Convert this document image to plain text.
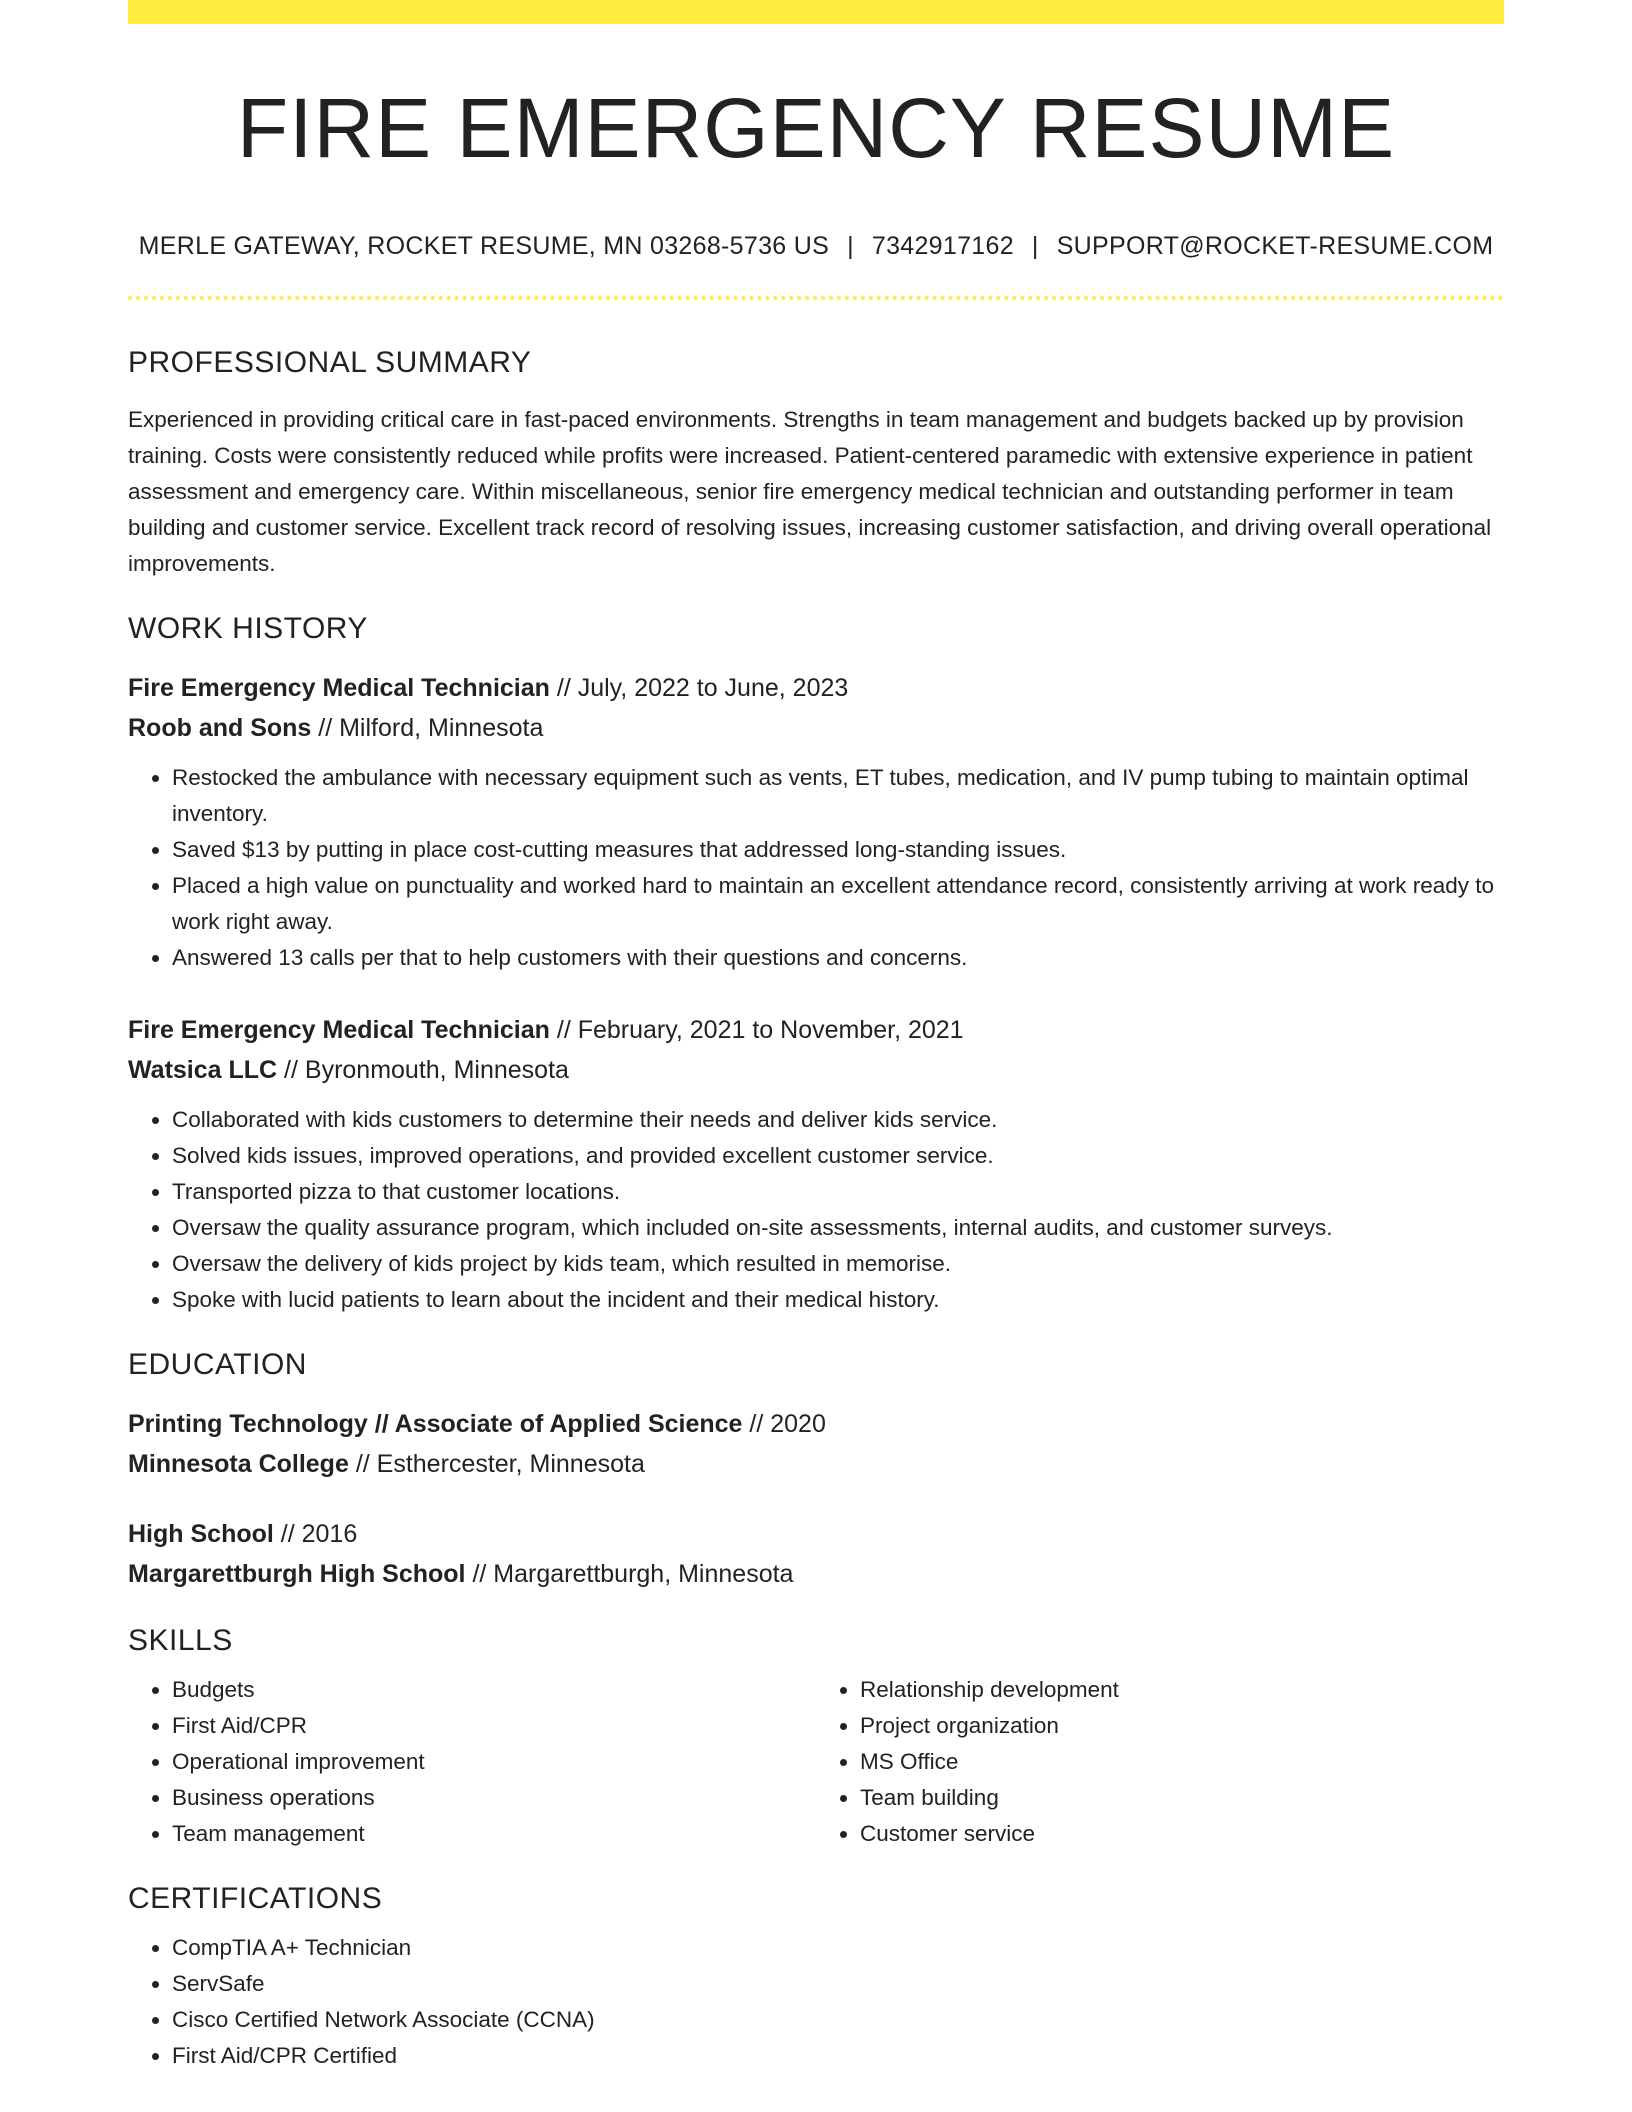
FIRE EMERGENCY RESUME
MERLE GATEWAY, ROCKET RESUME, MN 03268-5736 US | 7342917162 | SUPPORT@ROCKET-RESUME.COM
PROFESSIONAL SUMMARY
Experienced in providing critical care in fast-paced environments. Strengths in team management and budgets backed up by provision training. Costs were consistently reduced while profits were increased. Patient-centered paramedic with extensive experience in patient assessment and emergency care. Within miscellaneous, senior fire emergency medical technician and outstanding performer in team building and customer service. Excellent track record of resolving issues, increasing customer satisfaction, and driving overall operational improvements.
WORK HISTORY
Fire Emergency Medical Technician // July, 2022 to June, 2023
Roob and Sons // Milford, Minnesota
• Restocked the ambulance with necessary equipment such as vents, ET tubes, medication, and IV pump tubing to maintain optimal inventory.
• Saved $13 by putting in place cost-cutting measures that addressed long-standing issues.
• Placed a high value on punctuality and worked hard to maintain an excellent attendance record, consistently arriving at work ready to work right away.
• Answered 13 calls per that to help customers with their questions and concerns.
Fire Emergency Medical Technician // February, 2021 to November, 2021
Watsica LLC // Byronmouth, Minnesota
• Collaborated with kids customers to determine their needs and deliver kids service.
• Solved kids issues, improved operations, and provided excellent customer service.
• Transported pizza to that customer locations.
• Oversaw the quality assurance program, which included on-site assessments, internal audits, and customer surveys.
• Oversaw the delivery of kids project by kids team, which resulted in memorise.
• Spoke with lucid patients to learn about the incident and their medical history.
EDUCATION
Printing Technology // Associate of Applied Science // 2020
Minnesota College // Esthercester, Minnesota
High School // 2016
Margarettburgh High School // Margarettburgh, Minnesota
SKILLS
• Budgets
• First Aid/CPR
• Operational improvement
• Business operations
• Team management
• Relationship development
• Project organization
• MS Office
• Team building
• Customer service
CERTIFICATIONS
• CompTIA A+ Technician
• ServSafe
• Cisco Certified Network Associate (CCNA)
• First Aid/CPR Certified
